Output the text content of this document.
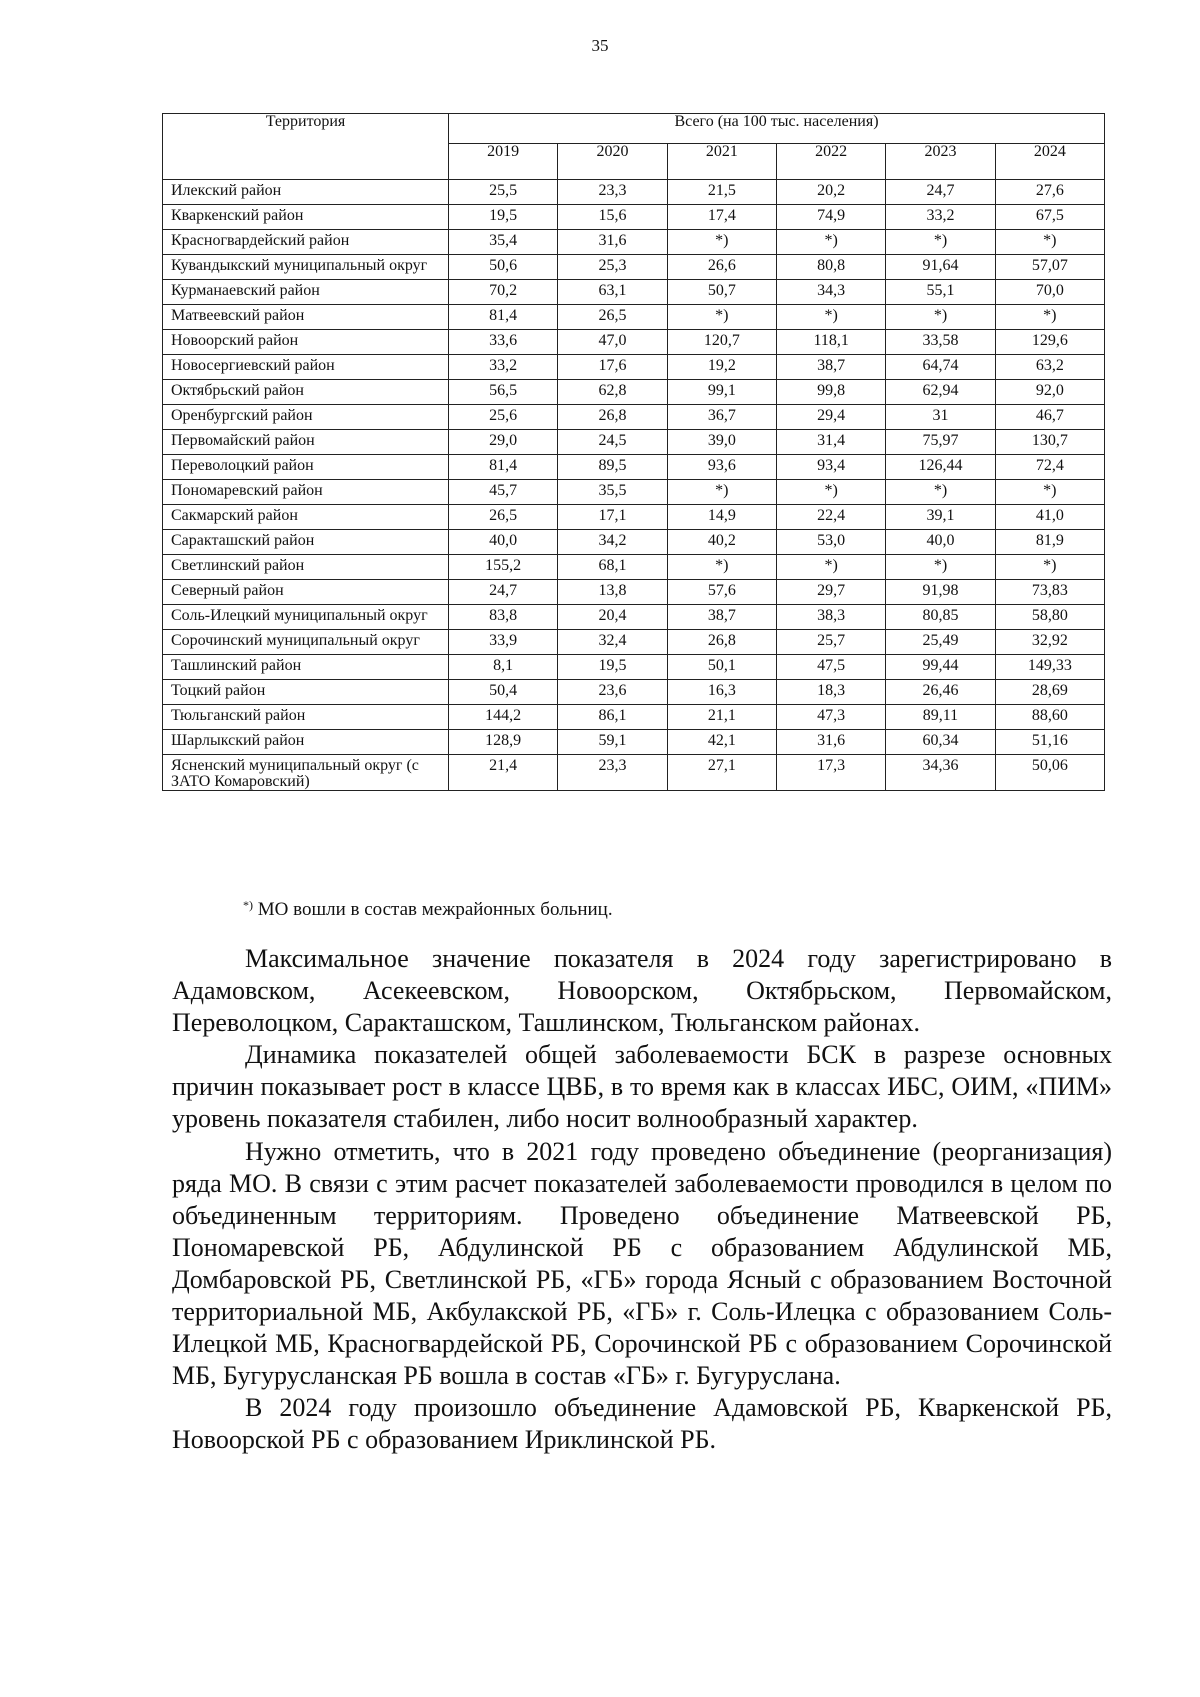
35
Территория	Всего (на 100 тыс. населения)					
	2019	2020	2021	2022	2023	2024
Илекский район	25,5	23,3	21,5	20,2	24,7	27,6
Кваркенский район	19,5	15,6	17,4	74,9	33,2	67,5
Красногвардейский район	35,4	31,6	*)	*)	*)	*)
Кувандыкский муниципальный округ	50,6	25,3	26,6	80,8	91,64	57,07
Курманаевский район	70,2	63,1	50,7	34,3	55,1	70,0
Матвеевский район	81,4	26,5	*)	*)	*)	*)
Новоорский район	33,6	47,0	120,7	118,1	33,58	129,6
Новосергиевский район	33,2	17,6	19,2	38,7	64,74	63,2
Октябрьский район	56,5	62,8	99,1	99,8	62,94	92,0
Оренбургский район	25,6	26,8	36,7	29,4	31	46,7
Первомайский район	29,0	24,5	39,0	31,4	75,97	130,7
Переволоцкий район	81,4	89,5	93,6	93,4	126,44	72,4
Пономаревский район	45,7	35,5	*)	*)	*)	*)
Сакмарский район	26,5	17,1	14,9	22,4	39,1	41,0
Саракташский район	40,0	34,2	40,2	53,0	40,0	81,9
Светлинский район	155,2	68,1	*)	*)	*)	*)
Северный район	24,7	13,8	57,6	29,7	91,98	73,83
Соль-Илецкий муниципальный округ	83,8	20,4	38,7	38,3	80,85	58,80
Сорочинский муниципальный округ	33,9	32,4	26,8	25,7	25,49	32,92
Ташлинский район	8,1	19,5	50,1	47,5	99,44	149,33
Тоцкий район	50,4	23,6	16,3	18,3	26,46	28,69
Тюльганский район	144,2	86,1	21,1	47,3	89,11	88,60
Шарлыкский район	128,9	59,1	42,1	31,6	60,34	51,16
Ясненский муниципальный округ (с ЗАТО Комаровский)	21,4	23,3	27,1	17,3	34,36	50,06
*) МО вошли в состав межрайонных больниц.

Максимальное значение показателя в 2024 году зарегистрировано в Адамовском, Асекеевском, Новоорском, Октябрьском, Первомайском, Переволоцком, Саракташском, Ташлинском, Тюльганском районах.

Динамика показателей общей заболеваемости БСК в разрезе основных причин показывает рост в классе ЦВБ, в то время как в классах ИБС, ОИМ, «ПИМ» уровень показателя стабилен, либо носит волнообразный характер.

Нужно отметить, что в 2021 году проведено объединение (реорганизация) ряда МО. В связи с этим расчет показателей заболеваемости проводился в целом по объединенным территориям. Проведено объединение Матвеевской РБ, Пономаревской РБ, Абдулинской РБ с образованием Абдулинской МБ, Домбаровской РБ, Светлинской РБ, «ГБ» города Ясный с образованием Восточной территориальной МБ, Акбулакской РБ, «ГБ» г. Соль-Илецка с образованием Соль-Илецкой МБ, Красногвардейской РБ, Сорочинской РБ с образованием Сорочинской МБ, Бугурусланская РБ вошла в состав «ГБ» г. Бугуруслана.

В 2024 году произошло объединение Адамовской РБ, Кваркенской РБ, Новоорской РБ с образованием Ириклинской РБ.
